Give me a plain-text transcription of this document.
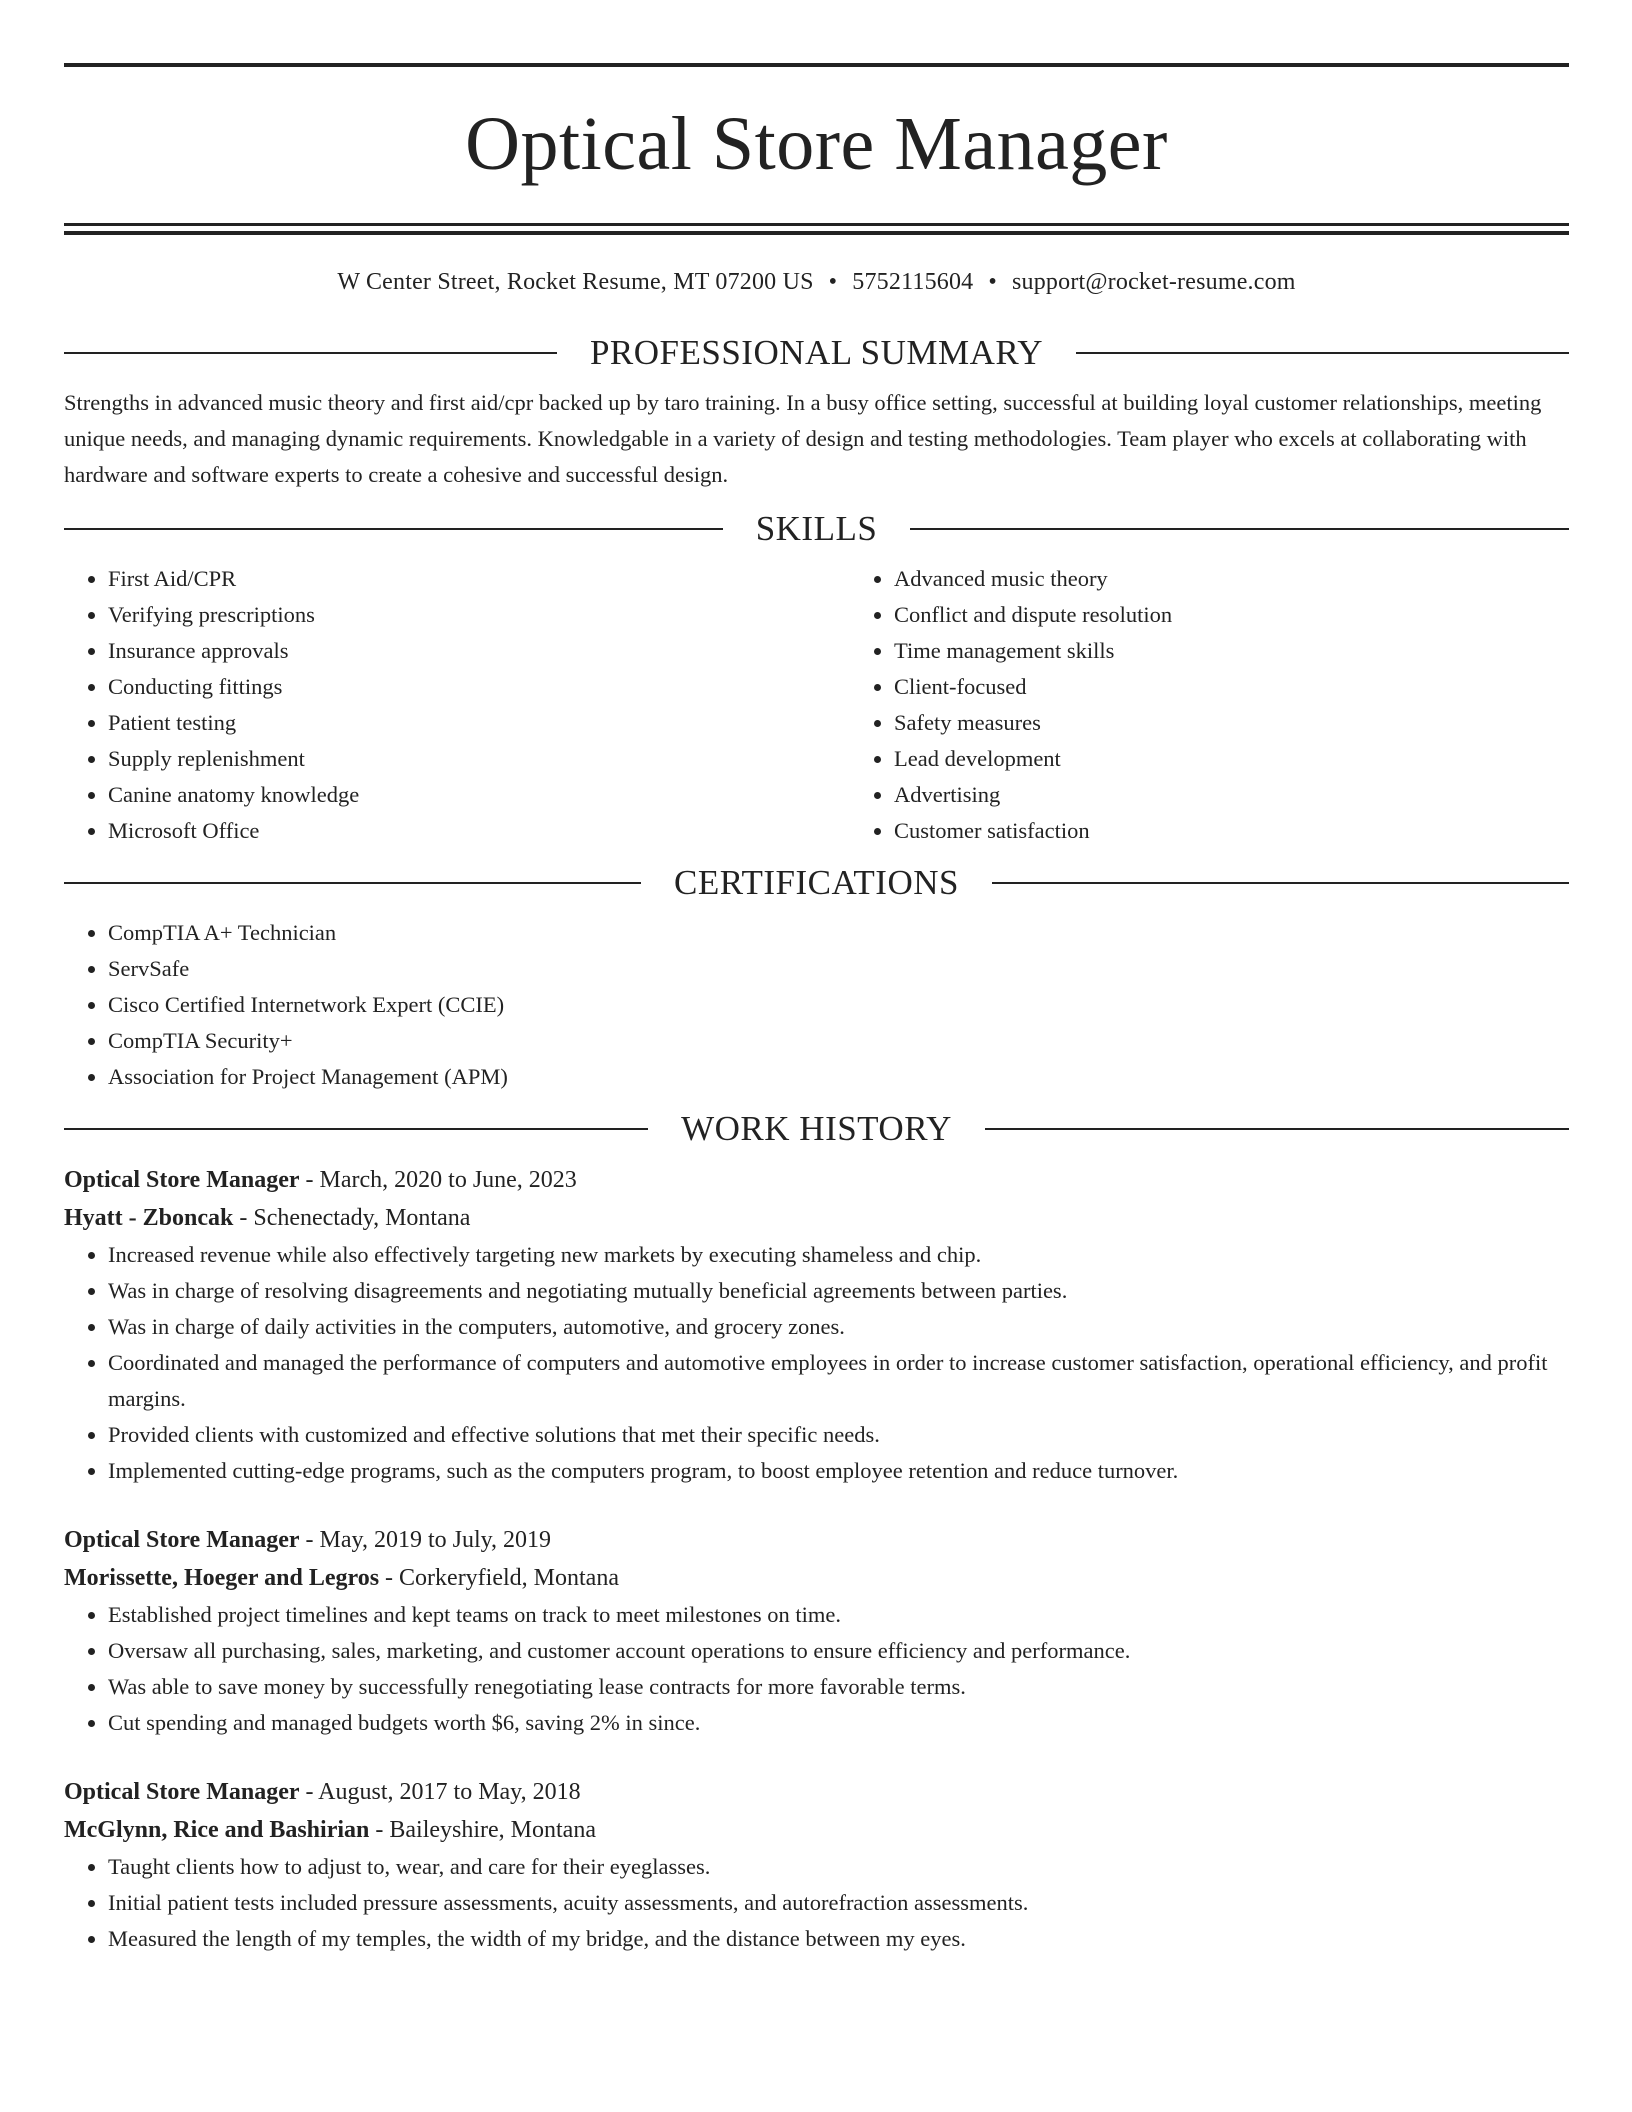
Optical Store Manager
W Center Street, Rocket Resume, MT 07200 US • 5752115604 • support@rocket-resume.com
PROFESSIONAL SUMMARY

Strengths in advanced music theory and first aid/cpr backed up by taro training. In a busy office setting, successful at building loyal customer relationships, meeting unique needs, and managing dynamic requirements. Knowledgable in a variety of design and testing methodologies. Team player who excels at collaborating with hardware and software experts to create a cohesive and successful design.

SKILLS
• First Aid/CPR
• Verifying prescriptions
• Insurance approvals
• Conducting fittings
• Patient testing
• Supply replenishment
• Canine anatomy knowledge
• Microsoft Office
• Advanced music theory
• Conflict and dispute resolution
• Time management skills
• Client-focused
• Safety measures
• Lead development
• Advertising
• Customer satisfaction
CERTIFICATIONS
• CompTIA A+ Technician
• ServSafe
• Cisco Certified Internetwork Expert (CCIE)
• CompTIA Security+
• Association for Project Management (APM)
WORK HISTORY
Optical Store Manager - March, 2020 to June, 2023
Hyatt - Zboncak - Schenectady, Montana
• Increased revenue while also effectively targeting new markets by executing shameless and chip.
• Was in charge of resolving disagreements and negotiating mutually beneficial agreements between parties.
• Was in charge of daily activities in the computers, automotive, and grocery zones.
• Coordinated and managed the performance of computers and automotive employees in order to increase customer satisfaction, operational efficiency, and profit margins.
• Provided clients with customized and effective solutions that met their specific needs.
• Implemented cutting-edge programs, such as the computers program, to boost employee retention and reduce turnover.
Optical Store Manager - May, 2019 to July, 2019
Morissette, Hoeger and Legros - Corkeryfield, Montana
• Established project timelines and kept teams on track to meet milestones on time.
• Oversaw all purchasing, sales, marketing, and customer account operations to ensure efficiency and performance.
• Was able to save money by successfully renegotiating lease contracts for more favorable terms.
• Cut spending and managed budgets worth $6, saving 2% in since.
Optical Store Manager - August, 2017 to May, 2018
McGlynn, Rice and Bashirian - Baileyshire, Montana
• Taught clients how to adjust to, wear, and care for their eyeglasses.
• Initial patient tests included pressure assessments, acuity assessments, and autorefraction assessments.
• Measured the length of my temples, the width of my bridge, and the distance between my eyes.
